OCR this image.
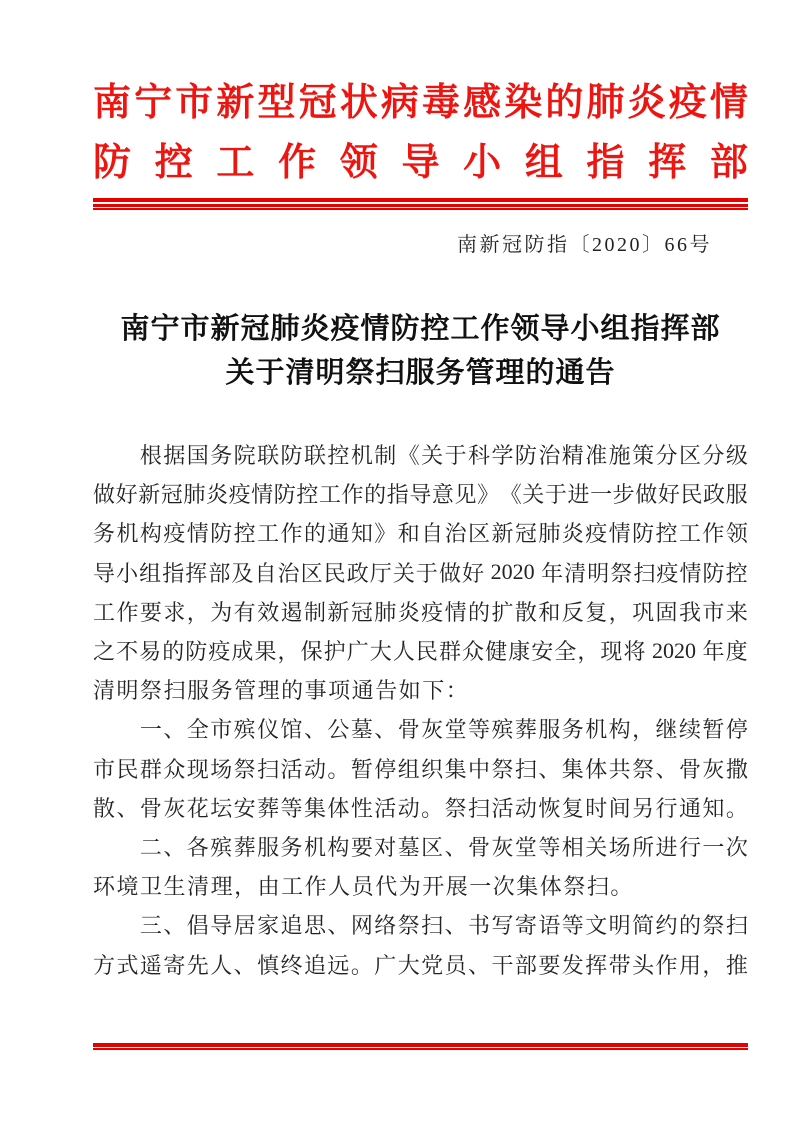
南 宁 市 新 型 冠 状 病 毒 感 染 的 肺 炎 疫 情
防 控 工 作 领 导 小 组 指 挥 部
南新冠防指〔2020〕66号
南宁市新冠肺炎疫情防控工作领导小组指挥部
关于清明祭扫服务管理的通告

根 据 国 务 院 联 防 联 控 机 制 《 关 于 科 学 防 治 精 准 施 策 分 区 分 级
做 好 新 冠 肺 炎 疫 情 防 控 工 作 的 指 导 意 见 》 《 关 于 进 一 步 做 好 民 政 服
务 机 构 疫 情 防 控 工 作 的 通 知 》 和 自 治 区 新 冠 肺 炎 疫 情 防 控 工 作 领
导 小 组 指 挥 部 及 自 治 区 民 政 厅 关 于 做 好 2020 年 清 明 祭 扫 疫 情 防 控
工 作 要 求 ， 为 有 效 遏 制 新 冠 肺 炎 疫 情 的 扩 散 和 反 复 ， 巩 固 我 市 来
之 不 易 的 防 疫 成 果 ， 保 护 广 大 人 民 群 众 健 康 安 全 ， 现 将 2020 年 度
清 明 祭 扫 服 务 管 理 的 事 项 通 告 如 下 ：

一 、 全 市 殡 仪 馆 、 公 墓 、 骨 灰 堂 等 殡 葬 服 务 机 构 ， 继 续 暂 停
市 民 群 众 现 场 祭 扫 活 动 。 暂 停 组 织 集 中 祭 扫 、 集 体 共 祭 、 骨 灰 撒
散 、 骨 灰 花 坛 安 葬 等 集 体 性 活 动 。 祭 扫 活 动 恢 复 时 间 另 行 通 知 。

二 、 各 殡 葬 服 务 机 构 要 对 墓 区 、 骨 灰 堂 等 相 关 场 所 进 行 一 次
环 境 卫 生 清 理 ， 由 工 作 人 员 代 为 开 展 一 次 集 体 祭 扫 。

三 、 倡 导 居 家 追 思 、 网 络 祭 扫 、 书 写 寄 语 等 文 明 简 约 的 祭 扫
方 式 遥 寄 先 人 、 慎 终 追 远 。 广 大 党 员 、 干 部 要 发 挥 带 头 作 用 ， 推
